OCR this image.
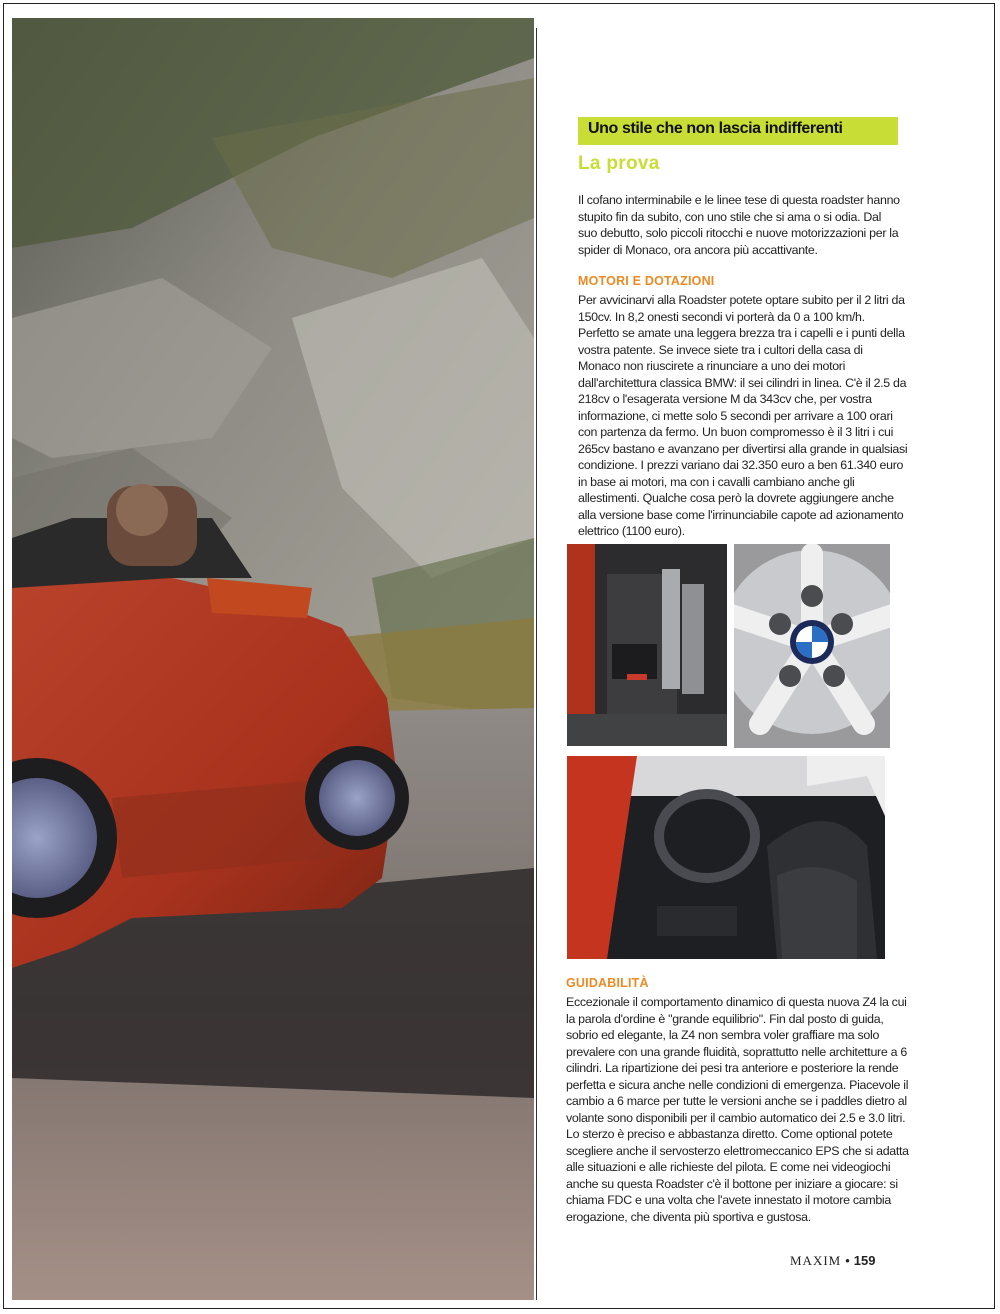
Uno stile che non lascia indifferenti
La prova

Il cofano interminabile e le linee tese di questa roadster hanno stupito fin da subito, con uno stile che si ama o si odia. Dal suo debutto, solo piccoli ritocchi e nuove motorizzazioni per la spider di Monaco, ora ancora più accattivante.

MOTORI E DOTAZIONI

Per avvicinarvi alla Roadster potete optare subito per il 2 litri da 150cv. In 8,2 onesti secondi vi porterà da 0 a 100 km/h. Perfetto se amate una leggera brezza tra i capelli e i punti della vostra patente. Se invece siete tra i cultori della casa di Monaco non riuscirete a rinunciare a uno dei motori dall'architettura classica BMW: il sei cilindri in linea. C'è il 2.5 da 218cv o l'esagerata versione M da 343cv che, per vostra informazione, ci mette solo 5 secondi per arrivare a 100 orari con partenza da fermo. Un buon compromesso è il 3 litri i cui 265cv bastano e avanzano per divertirsi alla grande in qualsiasi condizione. I prezzi variano dai 32.350 euro a ben 61.340 euro in base ai motori, ma con i cavalli cambiano anche gli allestimenti. Qualche cosa però la dovrete aggiungere anche alla versione base come l'irrinunciabile capote ad azionamento elettrico (1100 euro).

GUIDABILITÀ

Eccezionale il comportamento dinamico di questa nuova Z4 la cui la parola d'ordine è "grande equilibrio". Fin dal posto di guida, sobrio ed elegante, la Z4 non sembra voler graffiare ma solo prevalere con una grande fluidità, soprattutto nelle architetture a 6 cilindri. La ripartizione dei pesi tra anteriore e posteriore la rende perfetta e sicura anche nelle condizioni di emergenza. Piacevole il cambio a 6 marce per tutte le versioni anche se i paddles dietro al volante sono disponibili per il cambio automatico dei 2.5 e 3.0 litri. Lo sterzo è preciso e abbastanza diretto. Come optional potete scegliere anche il servosterzo elettromeccanico EPS che si adatta alle situazioni e alle richieste del pilota. E come nei videogiochi anche su questa Roadster c'è il bottone per iniziare a giocare: si chiama FDC e una volta che l'avete innestato il motore cambia erogazione, che diventa più sportiva e gustosa.

MAXIM • 159
